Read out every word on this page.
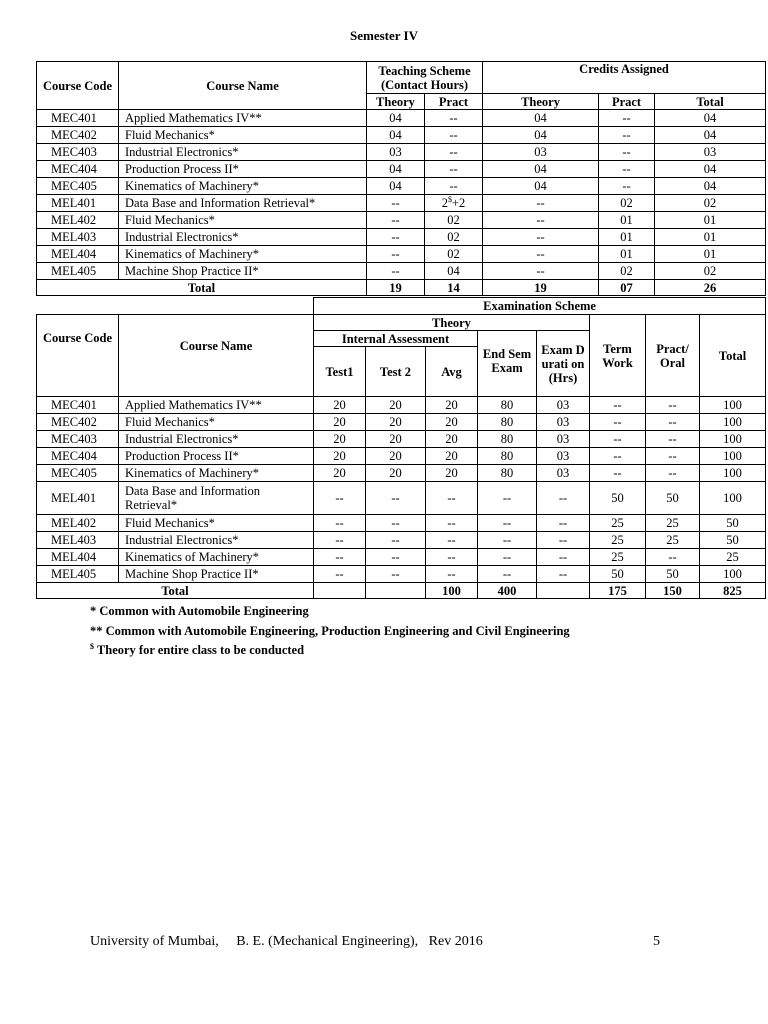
Semester IV
Course Code	Course Name	Teaching Scheme (Contact Hours)		Credits Assigned		
		Theory	Pract	Theory	Pract	Total
MEC401	Applied Mathematics IV**	04	--	04	--	04
MEC402	Fluid Mechanics*	04	--	04	--	04
MEC403	Industrial Electronics*	03	--	03	--	03
MEC404	Production Process II*	04	--	04	--	04
MEC405	Kinematics of Machinery*	04	--	04	--	04
MEL401	Data Base and Information Retrieval*	--	2$+2	--	02	02
MEL402	Fluid Mechanics*	--	02	--	01	01
MEL403	Industrial Electronics*	--	02	--	01	01
MEL404	Kinematics of Machinery*	--	02	--	01	01
MEL405	Machine Shop Practice II*	--	04	--	02	02
Total		19	14	19	07	26
		Examination Scheme							
Course Code	Course Name	Theory					Term Work	Pract/ Oral	Total
		Internal Assessment			End Sem Exam	Exam Durati on (Hrs)			
		Test1	Test 2	Avg					
MEC401	Applied Mathematics IV**	20	20	20	80	03	--	--	100
MEC402	Fluid Mechanics*	20	20	20	80	03	--	--	100
MEC403	Industrial Electronics*	20	20	20	80	03	--	--	100
MEC404	Production Process II*	20	20	20	80	03	--	--	100
MEC405	Kinematics of Machinery*	20	20	20	80	03	--	--	100
MEL401	Data Base and Information Retrieval*	--	--	--	--	--	50	50	100
MEL402	Fluid Mechanics*	--	--	--	--	--	25	25	50
MEL403	Industrial Electronics*	--	--	--	--	--	25	25	50
MEL404	Kinematics of Machinery*	--	--	--	--	--	25	--	25
MEL405	Machine Shop Practice II*	--	--	--	--	--	50	50	100
Total				100	400		175	150	825
* Common with Automobile Engineering
** Common with Automobile Engineering, Production Engineering and Civil Engineering
$ Theory for entire class to be conducted
University of Mumbai,     B. E. (Mechanical Engineering),   Rev 2016	5
